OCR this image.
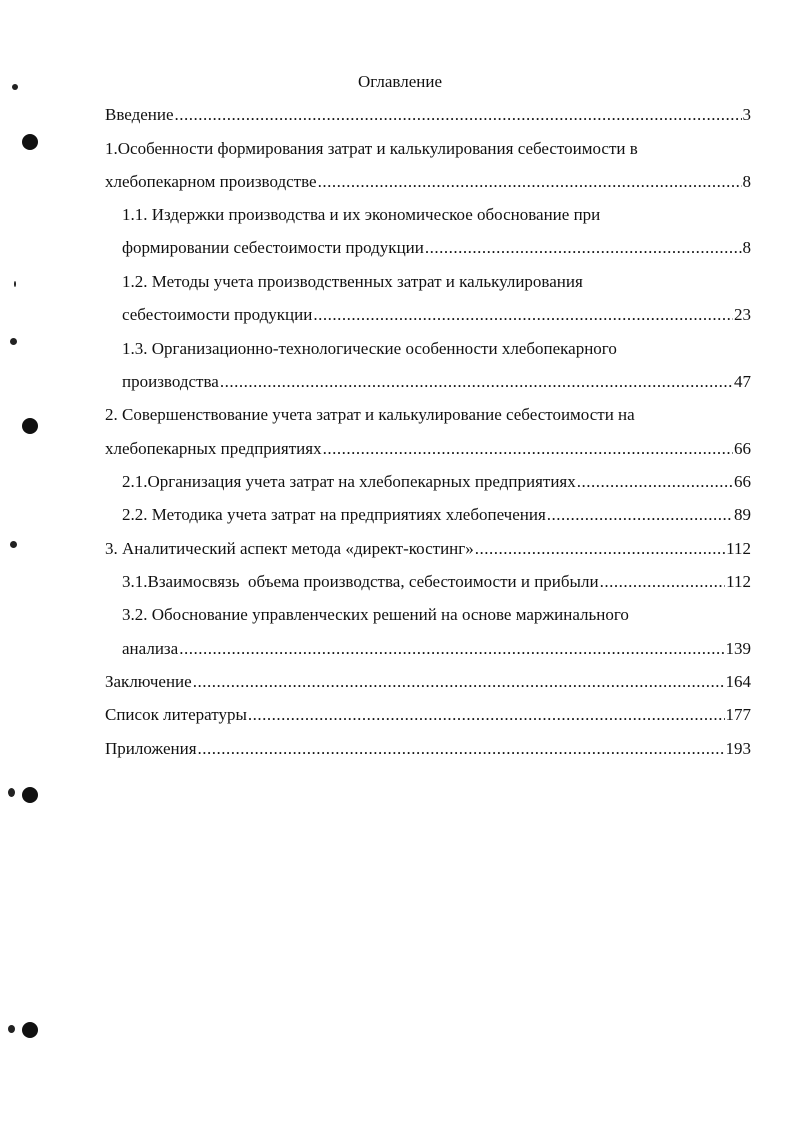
Оглавление
Введение .....	3
1.Особенности формирования затрат и калькулирования себестоимости в
хлебопекарном производстве .....	8
1.1. Издержки производства и их экономическое обоснование при
формировании себестоимости продукции .....	8
1.2. Методы учета производственных затрат и калькулирования
себестоимости продукции .....	23
1.3. Организационно-технологические особенности хлебопекарного
производства .....	47
2. Совершенствование учета затрат и калькулирование себестоимости на
хлебопекарных предприятиях .....	66
2.1.Организация учета затрат на хлебопекарных предприятиях .....	66
2.2. Методика учета затрат на предприятиях хлебопечения .....	89
3. Аналитический аспект метода «директ-костинг» .....	112
3.1.Взаимосвязь  объема производства, себестоимости и прибыли .....	112
3.2. Обоснование управленческих решений на основе маржинального
анализа .....	139
Заключение .....	164
Список литературы .....	177
Приложения .....	193
